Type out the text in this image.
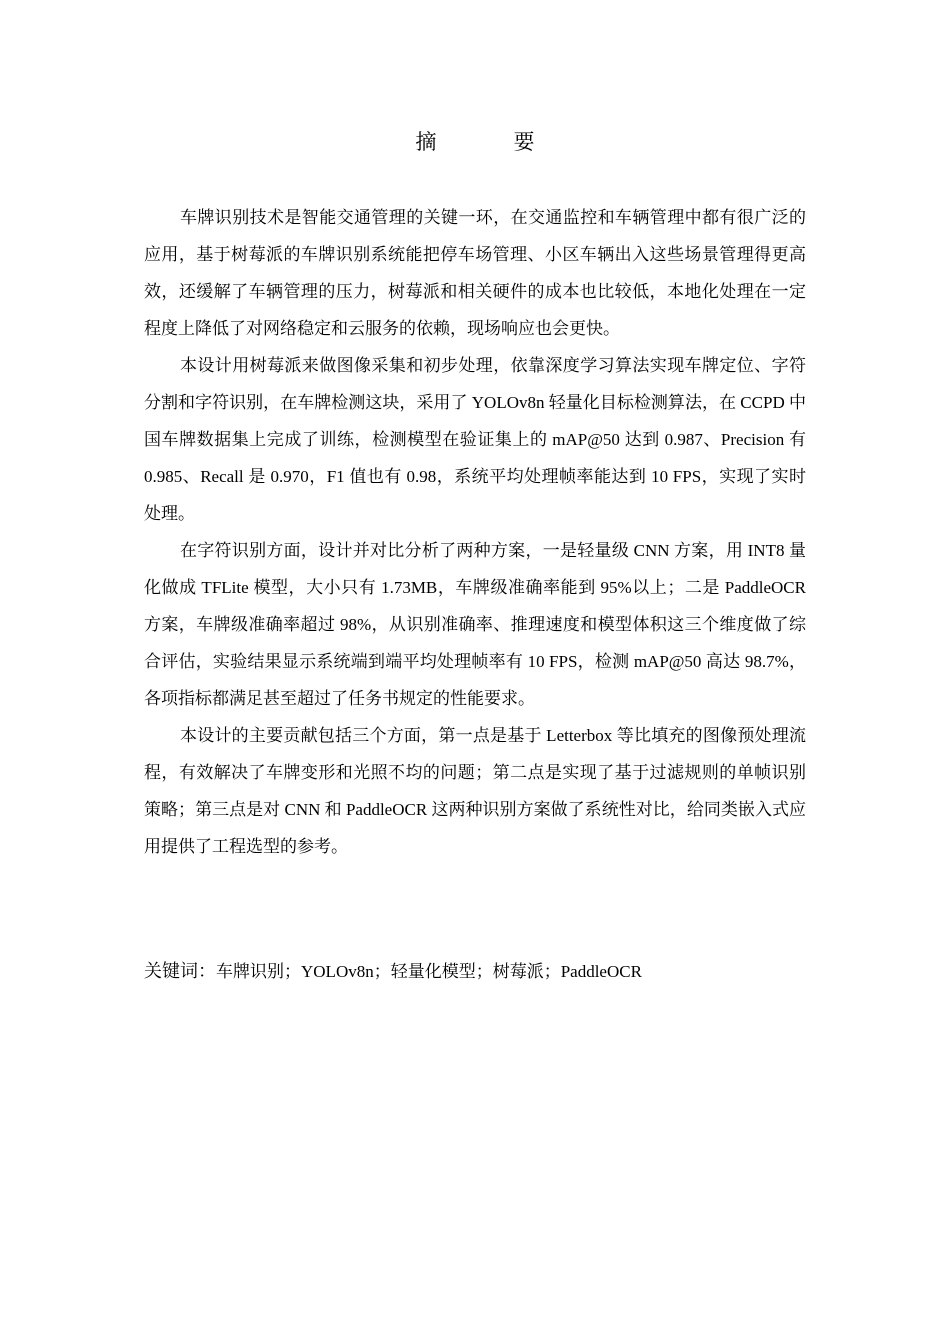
摘　要

车牌识别技术是智能交通管理的关键一环，在交通监控和车辆管理中都有很广泛的应用，基于树莓派的车牌识别系统能把停车场管理、小区车辆出入这些场景管理得更高效，还缓解了车辆管理的压力，树莓派和相关硬件的成本也比较低，本地化处理在一定程度上降低了对网络稳定和云服务的依赖，现场响应也会更快。

本设计用树莓派来做图像采集和初步处理，依靠深度学习算法实现车牌定位、字符分割和字符识别，在车牌检测这块，采用了 YOLOv8n 轻量化目标检测算法，在 CCPD 中国车牌数据集上完成了训练，检测模型在验证集上的 mAP@50 达到 0.987、Precision 有 0.985、Recall 是 0.970，F1 值也有 0.98，系统平均处理帧率能达到 10 FPS，实现了实时处理。

在字符识别方面，设计并对比分析了两种方案，一是轻量级 CNN 方案，用 INT8 量化做成 TFLite 模型，大小只有 1.73MB，车牌级准确率能到 95%以上；二是 PaddleOCR 方案，车牌级准确率超过 98%，从识别准确率、推理速度和模型体积这三个维度做了综合评估，实验结果显示系统端到端平均处理帧率有 10 FPS，检测 mAP@50 高达 98.7%，各项指标都满足甚至超过了任务书规定的性能要求。

本设计的主要贡献包括三个方面，第一点是基于 Letterbox 等比填充的图像预处理流程，有效解决了车牌变形和光照不均的问题；第二点是实现了基于过滤规则的单帧识别策略；第三点是对 CNN 和 PaddleOCR 这两种识别方案做了系统性对比，给同类嵌入式应用提供了工程选型的参考。

关键词：车牌识别；YOLOv8n；轻量化模型；树莓派；PaddleOCR
